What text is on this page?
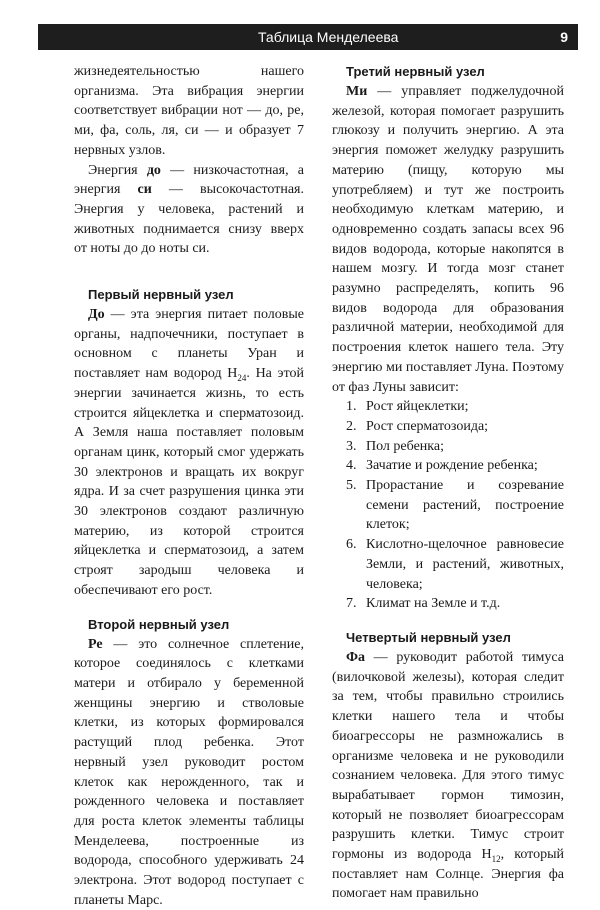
Таблица Менделеева	9

жизнедеятельностью нашего организма. Эта вибрация энергии соответствует вибрации нот — до, ре, ми, фа, соль, ля, си — и образует 7 нервных узлов.

Энергия до — низкочастотная, а энергия си — высокочастотная. Энергия у человека, растений и животных поднимается снизу вверх от ноты до до ноты си.

Первый нервный узел

До — эта энергия питает половые органы, надпочечники, поступает в основном с планеты Уран и поставляет нам водород $Н_{24}$. На этой энергии зачинается жизнь, то есть строится яйцеклетка и сперматозоид. А Земля наша поставляет половым органам цинк, который смог удержать 30 электронов и вращать их вокруг ядра. И за счет разрушения цинка эти 30 электронов создают различную материю, из которой строится яйцеклетка и сперматозоид, а затем строят зародыш человека и обеспечивают его рост.

Второй нервный узел

Ре — это солнечное сплетение, которое соединялось с клетками матери и отбирало у беременной женщины энергию и стволовые клетки, из которых формировался растущий плод ребенка. Этот нервный узел руководит ростом клеток как нерожденного, так и рожденного человека и поставляет для роста клеток элементы таблицы Менделеева, построенные из водорода, способного удерживать 24 электрона. Этот водород поступает с планеты Марс.

Третий нервный узел

Ми — управляет поджелудочной железой, которая помогает разрушить глюкозу и получить энергию. А эта энергия поможет желудку разрушить материю (пищу, которую мы употребляем) и тут же построить необходимую клеткам материю, и одновременно создать запасы всех 96 видов водорода, которые накопятся в нашем мозгу. И тогда мозг станет разумно распределять, копить 96 видов водорода для образования различной материи, необходимой для построения клеток нашего тела. Эту энергию ми поставляет Луна. Поэтому от фаз Луны зависит:

1. Рост яйцеклетки;
2. Рост сперматозоида;
3. Пол ребенка;
4. Зачатие и рождение ребенка;
5. Прорастание и созревание семени растений, построение клеток;
6. Кислотно-щелочное равновесие Земли, и растений, животных, человека;
7. Климат на Земле и т.д.
Четвертый нервный узел

Фа — руководит работой тимуса (вилочковой железы), которая следит за тем, чтобы правильно строились клетки нашего тела и чтобы биоагрессоры не размножались в организме человека и не руководили сознанием человека. Для этого тимус вырабатывает гормон тимозин, который не позволяет биоагрессорам разрушить клетки. Тимус строит гормоны из водорода $Н_{12}$, который поставляет нам Солнце. Энергия фа помогает нам правильно
